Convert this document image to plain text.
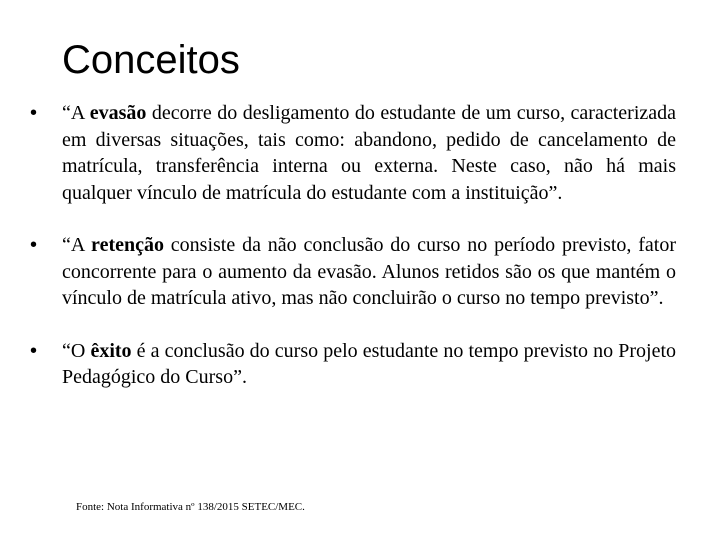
Conceitos
• “A evasão decorre do desligamento do estudante de um curso, caracterizada em diversas situações, tais como: abandono, pedido de cancelamento de matrícula, transferência interna ou externa. Neste caso, não há mais qualquer vínculo de matrícula do estudante com a instituição”.
• “A retenção consiste da não conclusão do curso no período previsto, fator concorrente para o aumento da evasão. Alunos retidos são os que mantém o vínculo de matrícula ativo, mas não concluirão o curso no tempo previsto”.
• “O êxito é a conclusão do curso pelo estudante no tempo previsto no Projeto Pedagógico do Curso”.
Fonte: Nota Informativa nº 138/2015 SETEC/MEC.
